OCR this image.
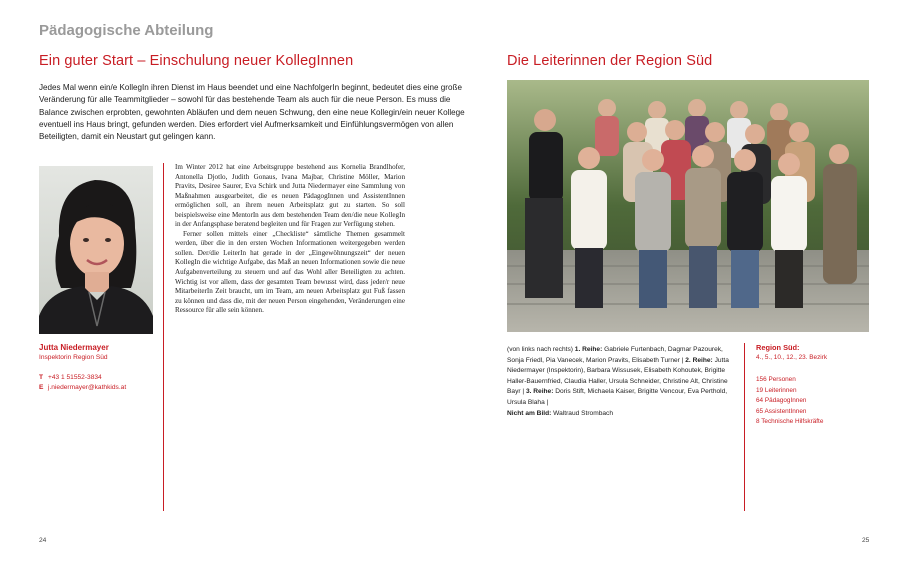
Pädagogische Abteilung
Ein guter Start – Einschulung neuer KollegInnen
Jedes Mal wenn ein/e KollegIn ihren Dienst im Haus beendet und eine NachfolgerIn beginnt, bedeutet dies eine große Veränderung für alle Teammitglieder – sowohl für das bestehende Team als auch für die neue Person. Es muss die Balance zwischen erprobten, gewohnten Abläufen und dem neuen Schwung, den eine neue Kollegin/ein neuer Kollege eventuell ins Haus bringt, gefunden werden. Dies erfordert viel Aufmerksamkeit und Einfühlungsvermögen von allen Beteiligten, damit ein Neustart gut gelingen kann.
Jutta Niedermayer
Inspektorin Region Süd
T +43 1 51552-3834
E j.niedermayer@kathkids.at

Im Winter 2012 hat eine Arbeitsgruppe bestehend aus Kornelia Brandlhofer, Antonella Djotlo, Judith Gonaus, Ivana Majbar, Christine Möller, Marion Pravits, Desiree Saurer, Eva Schirk und Jutta Niedermayer eine Sammlung von Maßnahmen ausgearbeitet, die es neuen PädagogInnen und AssistentInnen ermöglichen soll, an ihrem neuen Arbeitsplatz gut zu starten. So soll beispielsweise eine MentorIn aus dem bestehenden Team den/die neue KollegIn in der Anfangsphase beratend begleiten und für Fragen zur Verfügung stehen.

Ferner sollen mittels einer „Checkliste“ sämtliche Themen gesammelt werden, über die in den ersten Wochen Informationen weitergegeben werden sollen. Der/die LeiterIn hat gerade in der „Eingewöhnungszeit“ der neuen KollegIn die wichtige Aufgabe, das Maß an neuen Informationen sowie die neue Aufgabenverteilung zu steuern und auf das Wohl aller Beteiligten zu achten. Wichtig ist vor allem, dass der gesamten Team bewusst wird, dass jeder/r neue MitarbeiterIn Zeit braucht, um im Team, am neuen Arbeitsplatz gut Fuß fassen zu können und dass die, mit der neuen Person eingehenden, Veränderungen eine Ressource für alle sein können.

24
Die Leiterinnen der Region Süd
(von links nach rechts) 1. Reihe: Gabriele Furtenbach, Dagmar Pazourek, Sonja Friedl, Pia Vanecek, Marion Pravits, Elisabeth Turner | 2. Reihe: Jutta Niedermayer (Inspektorin), Barbara Wissusek, Elisabeth Kohoutek, Brigitte Haller-Bauernfried, Claudia Haller, Ursula Schneider, Christine Alt, Christine Bayr | 3. Reihe: Doris Stift, Michaela Kaiser, Brigitte Vencour, Eva Perthold, Ursula Blaha |
Nicht am Bild: Waltraud Strombach
Region Süd:
4., 5., 10., 12., 23. Bezirk
156 Personen
19 Leiterinnen
64 PädagogInnen
65 AssistentInnen
8 Technische Hilfskräfte
25
